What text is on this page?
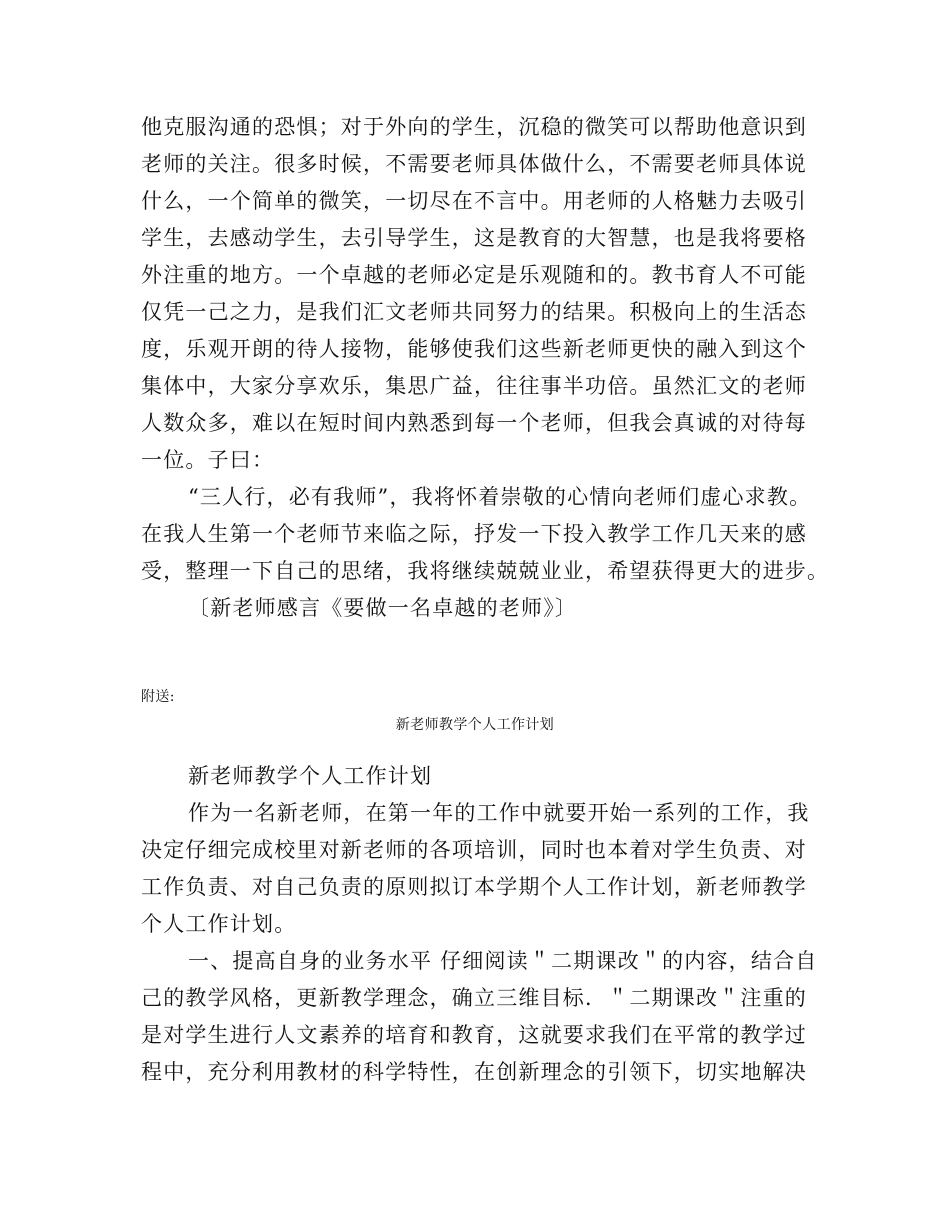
他克服沟通的恐惧；对于外向的学生，沉稳的微笑可以帮助他意识到
老师的关注。很多时候，不需要老师具体做什么，不需要老师具体说
什么，一个简单的微笑，一切尽在不言中。用老师的人格魅力去吸引
学生，去感动学生，去引导学生，这是教育的大智慧，也是我将要格
外注重的地方。一个卓越的老师必定是乐观随和的。教书育人不可能
仅凭一己之力，是我们汇文老师共同努力的结果。积极向上的生活态
度，乐观开朗的待人接物，能够使我们这些新老师更快的融入到这个
集体中，大家分享欢乐，集思广益，往往事半功倍。虽然汇文的老师
人数众多，难以在短时间内熟悉到每一个老师，但我会真诚的对待每
一位。子曰：
“三人行，必有我师”，我将怀着崇敬的心情向老师们虚心求教。
在我人生第一个老师节来临之际，抒发一下投入教学工作几天来的感
受，整理一下自己的思绪，我将继续兢兢业业，希望获得更大的进步。
〔新老师感言《要做一名卓越的老师》〕
附送:
新老师教学个人工作计划
新老师教学个人工作计划
作为一名新老师，在第一年的工作中就要开始一系列的工作，我
决定仔细完成校里对新老师的各项培训，同时也本着对学生负责、对
工作负责、对自己负责的原则拟订本学期个人工作计划，新老师教学
个人工作计划。
一、提高自身的业务水平 仔细阅读＂二期课改＂的内容，结合自
己的教学风格，更新教学理念，确立三维目标．＂二期课改＂注重的
是对学生进行人文素养的培育和教育，这就要求我们在平常的教学过
程中，充分利用教材的科学特性，在创新理念的引领下，切实地解决
